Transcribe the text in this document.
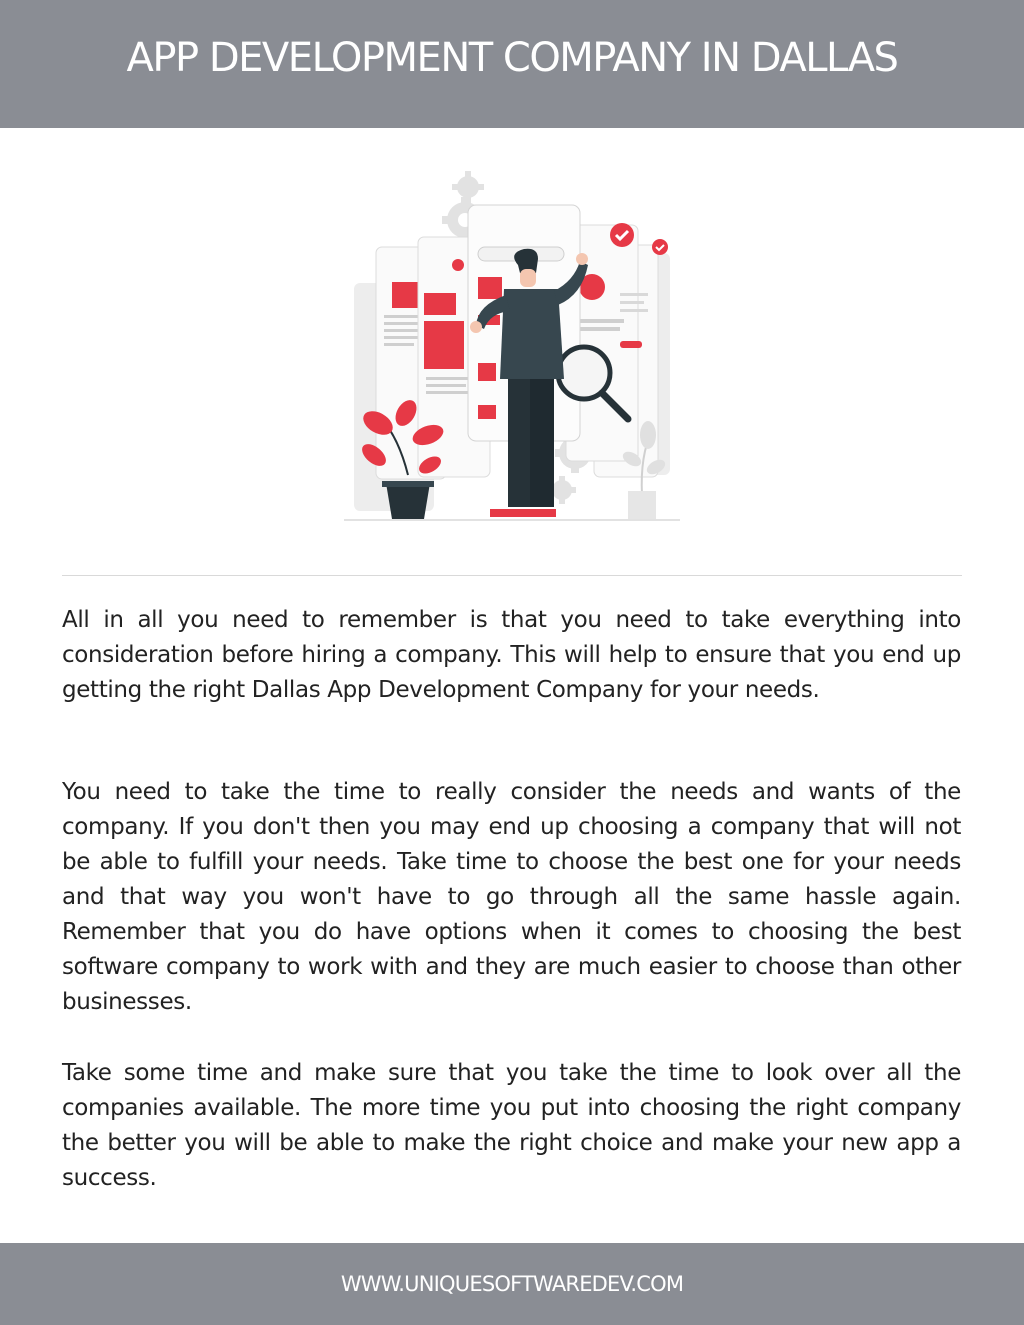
APP DEVELOPMENT COMPANY IN DALLAS

All in all you need to remember is that you need to take everything into consideration before hiring a company. This will help to ensure that you end up getting the right Dallas App Development Company for your needs.

You need to take the time to really consider the needs and wants of the company. If you don't then you may end up choosing a company that will not be able to fulfill your needs. Take time to choose the best one for your needs and that way you won't have to go through all the same hassle again. Remember that you do have options when it comes to choosing the best software company to work with and they are much easier to choose than other businesses.

Take some time and make sure that you take the time to look over all the companies available. The more time you put into choosing the right company the better you will be able to make the right choice and make your new app a success.

WWW.UNIQUESOFTWAREDEV.COM
